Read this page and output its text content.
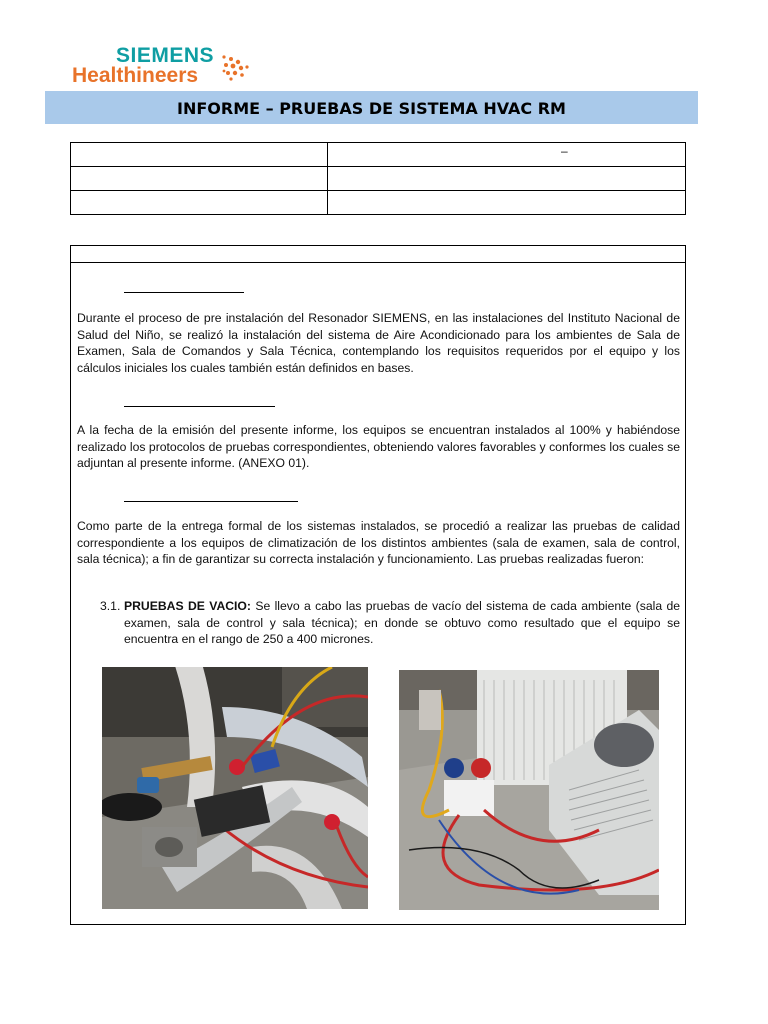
SIEMENS
Healthineers
INFORME – PRUEBAS DE SISTEMA HVAC RM

	–

Durante el proceso de pre instalación del Resonador SIEMENS, en las instalaciones del Instituto Nacional de Salud del Niño, se realizó la instalación del sistema de Aire Acondicionado para los ambientes de Sala de Examen, Sala de Comandos y Sala Técnica, contemplando los requisitos requeridos por el equipo y los cálculos iniciales los cuales también están definidos en bases.

A la fecha de la emisión del presente informe, los equipos se encuentran instalados al 100% y habiéndose realizado los protocolos de pruebas correspondientes, obteniendo valores favorables y conformes los cuales se adjuntan al presente informe. (ANEXO 01).

Como parte de la entrega formal de los sistemas instalados, se procedió a realizar las pruebas de calidad correspondiente a los equipos de climatización de los distintos ambientes (sala de examen, sala de control, sala técnica); a fin de garantizar su correcta instalación y funcionamiento. Las pruebas realizadas fueron:

3.1. PRUEBAS DE VACIO: Se llevo a cabo las pruebas de vacío del sistema de cada ambiente (sala de examen, sala de control y sala técnica); en donde se obtuvo como resultado que el equipo se encuentra en el rango de 250 a 400 micrones.
